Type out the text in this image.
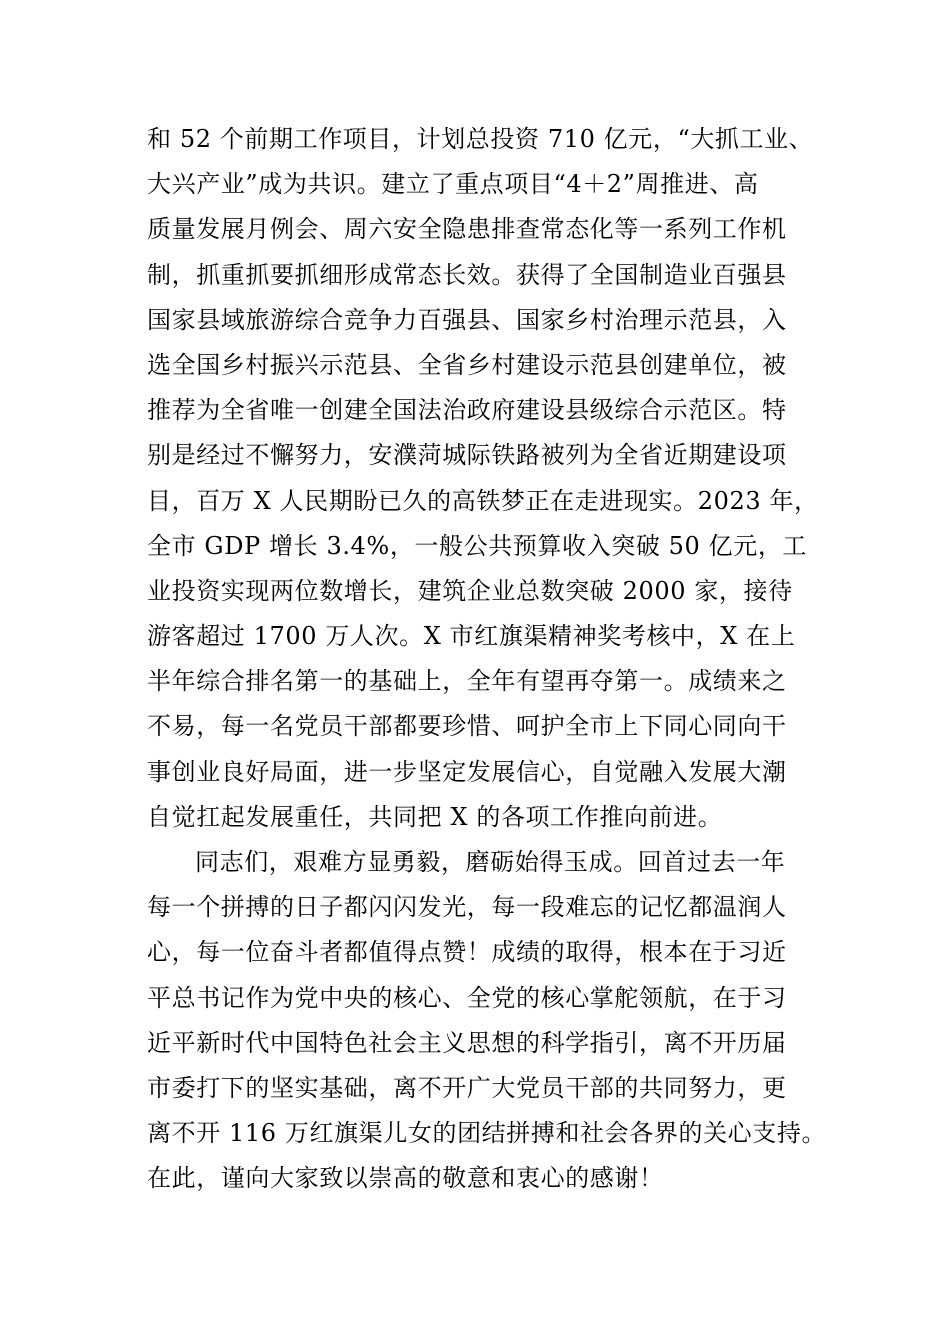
和 52 个前期工作项目，计划总投资 710 亿元，“大抓工业、
大兴产业”成为共识。建立了重点项目“4＋2”周推进、高
质量发展月例会、周六安全隐患排查常态化等一系列工作机
制，抓重抓要抓细形成常态长效。获得了全国制造业百强县
国家县域旅游综合竞争力百强县、国家乡村治理示范县，入
选全国乡村振兴示范县、全省乡村建设示范县创建单位，被
推荐为全省唯一创建全国法治政府建设县级综合示范区。特
别是经过不懈努力，安濮菏城际铁路被列为全省近期建设项
目，百万 X 人民期盼已久的高铁梦正在走进现实。2023 年，
全市 GDP 增长 3.4%，一般公共预算收入突破 50 亿元，工
业投资实现两位数增长，建筑企业总数突破 2000 家，接待
游客超过 1700 万人次。X 市红旗渠精神奖考核中，X 在上
半年综合排名第一的基础上，全年有望再夺第一。成绩来之
不易，每一名党员干部都要珍惜、呵护全市上下同心同向干
事创业良好局面，进一步坚定发展信心，自觉融入发展大潮
自觉扛起发展重任，共同把 X 的各项工作推向前进。
同志们，艰难方显勇毅，磨砺始得玉成。回首过去一年
每一个拼搏的日子都闪闪发光，每一段难忘的记忆都温润人
心，每一位奋斗者都值得点赞！成绩的取得，根本在于习近
平总书记作为党中央的核心、全党的核心掌舵领航，在于习
近平新时代中国特色社会主义思想的科学指引，离不开历届
市委打下的坚实基础，离不开广大党员干部的共同努力，更
离不开 116 万红旗渠儿女的团结拼搏和社会各界的关心支持。
在此，谨向大家致以崇高的敬意和衷心的感谢！
